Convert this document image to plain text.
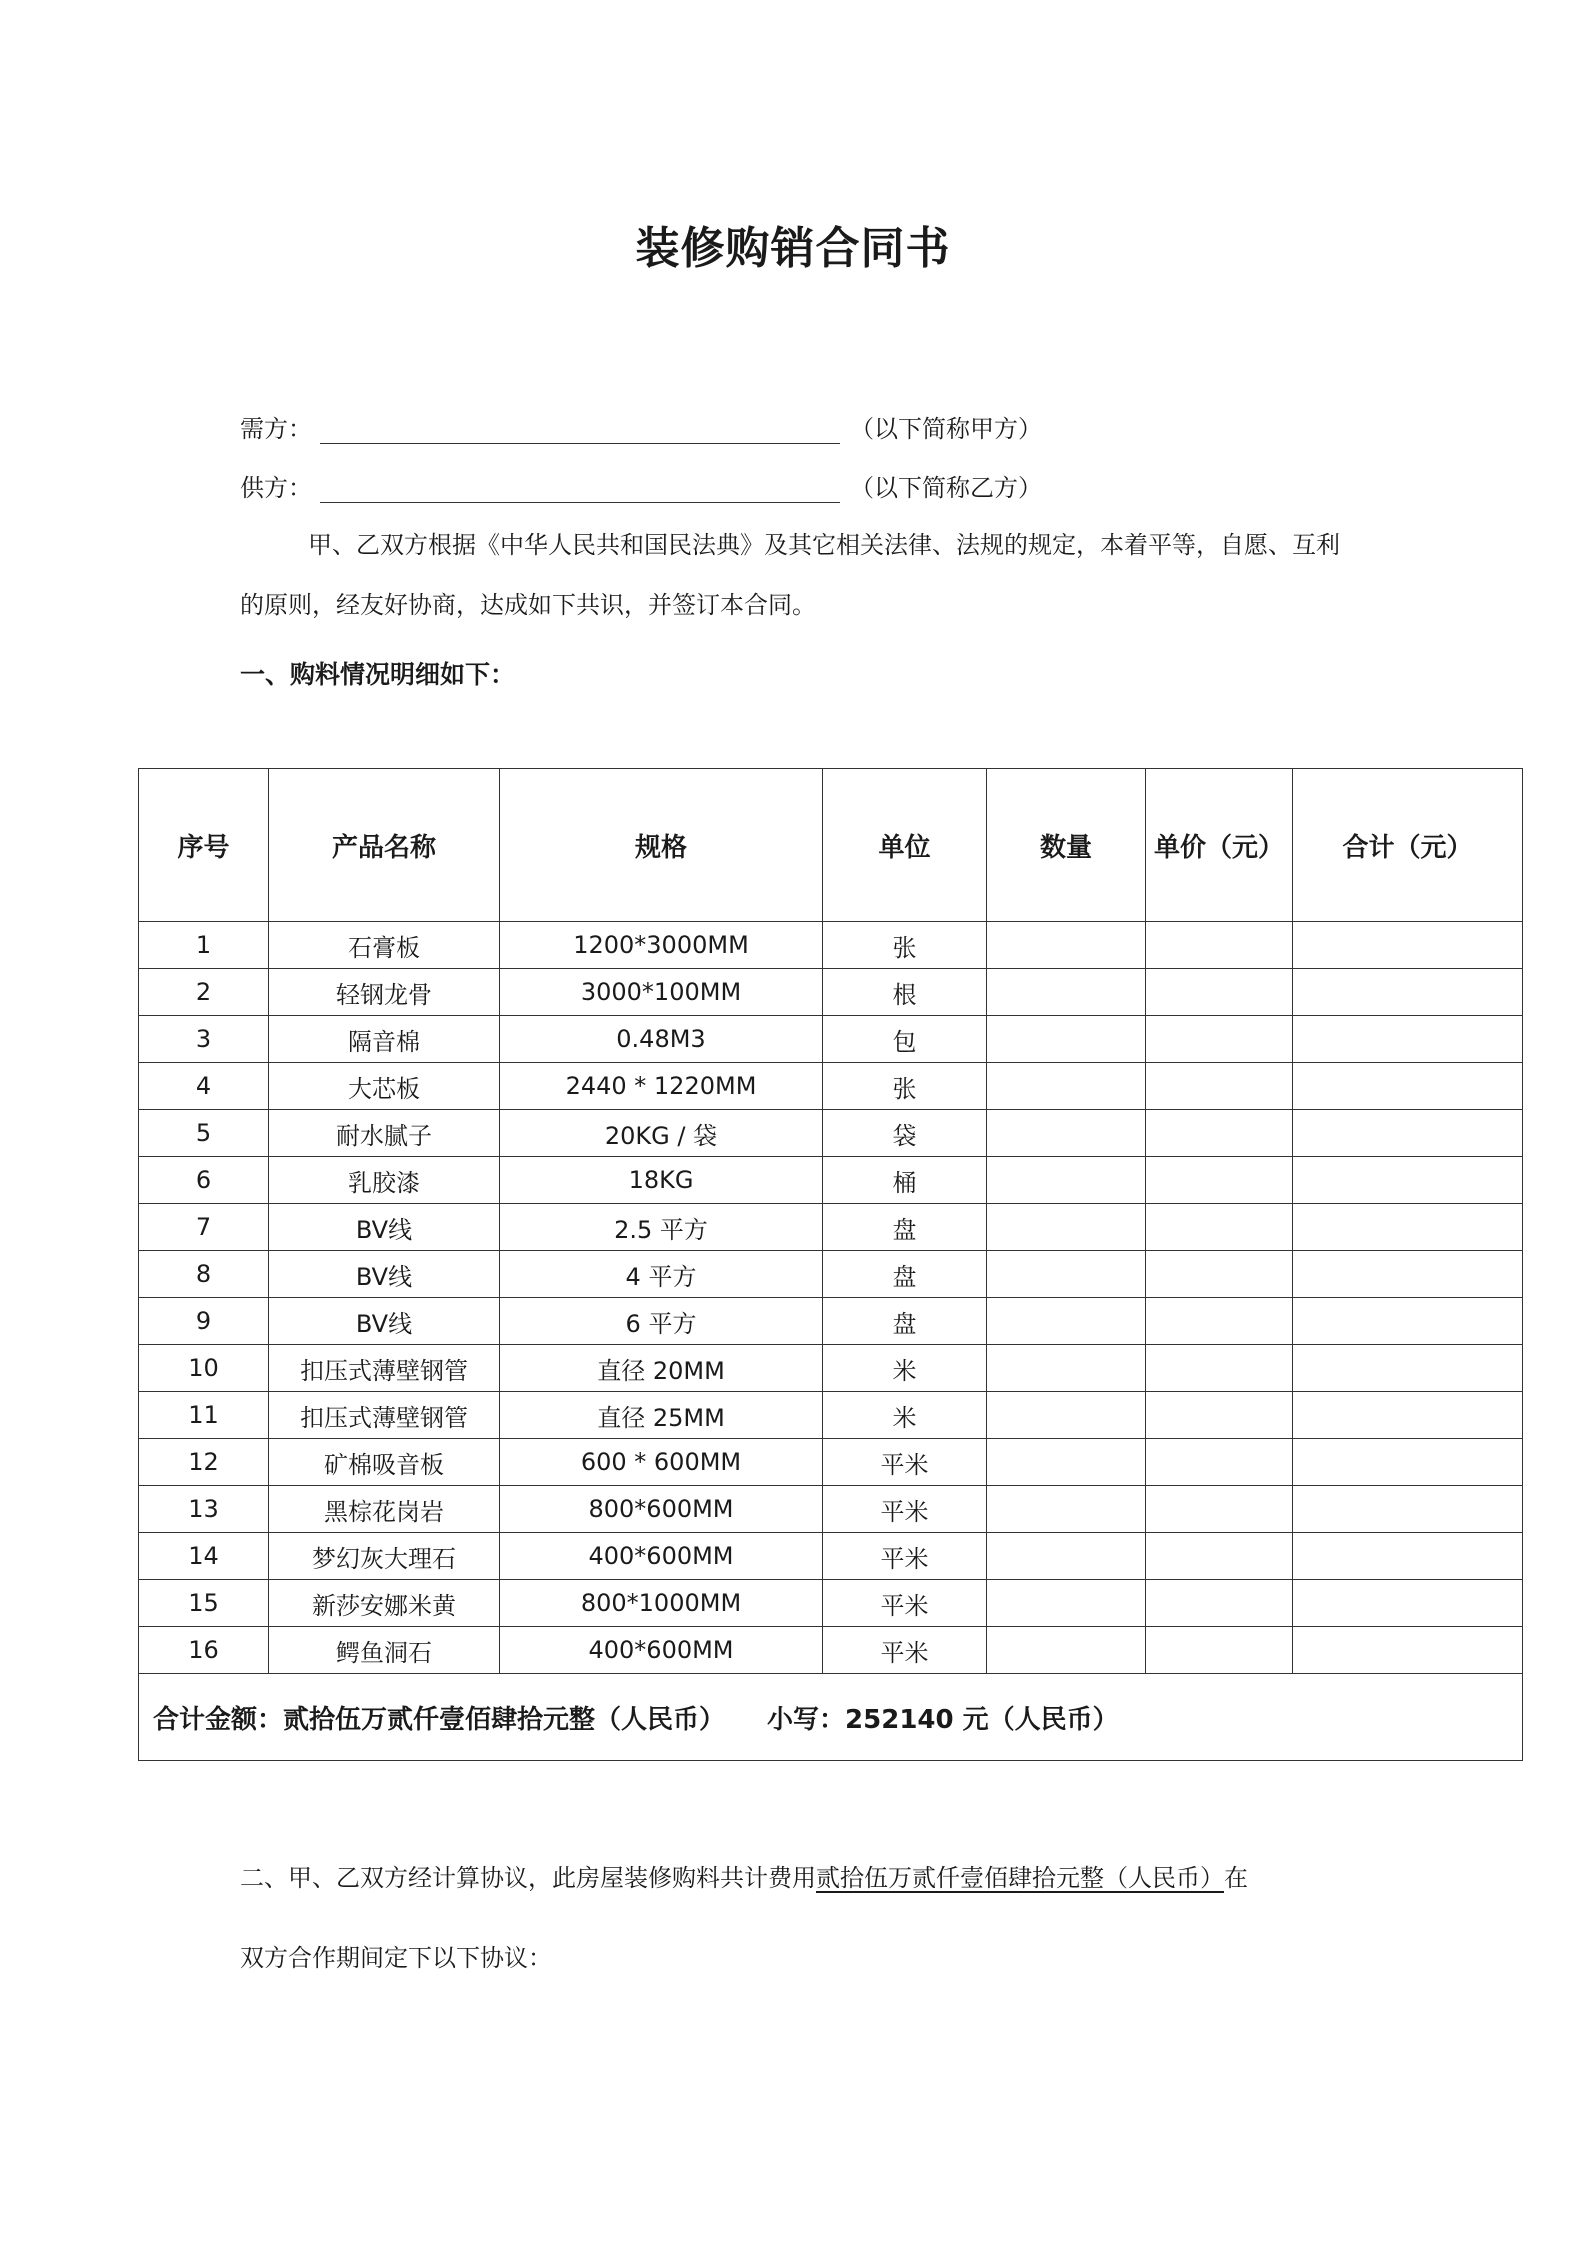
装修购销合同书
需方：	（以下简称甲方）
供方：	（以下简称乙方）
甲、乙双方根据《中华人民共和国民法典》及其它相关法律、法规的规定，本着平等，自愿、互利
的原则，经友好协商，达成如下共识，并签订本合同。
一、购料情况明细如下：
序号	产品名称	规格	单位	数量	单价（元）	合计（元）
1	石膏板	1200*3000MM	张			
2	轻钢龙骨	3000*100MM	根			
3	隔音棉	0.48M3	包			
4	大芯板	2440 * 1220MM	张			
5	耐水腻子	20KG / 袋	袋			
6	乳胶漆	18KG	桶			
7	BV线	2.5 平方	盘			
8	BV线	4 平方	盘			
9	BV线	6 平方	盘			
10	扣压式薄壁钢管	直径 20MM	米			
11	扣压式薄壁钢管	直径 25MM	米			
12	矿棉吸音板	600 * 600MM	平米			
13	黑棕花岗岩	800*600MM	平米			
14	梦幻灰大理石	400*600MM	平米			
15	新莎安娜米黄	800*1000MM	平米			
16	鳄鱼洞石	400*600MM	平米			
合计金额：贰拾伍万贰仟壹佰肆拾元整（人民币） 小写：252140 元（人民币）						
二、甲、乙双方经计算协议，此房屋装修购料共计费用贰拾伍万贰仟壹佰肆拾元整（人民币）在
双方合作期间定下以下协议：
